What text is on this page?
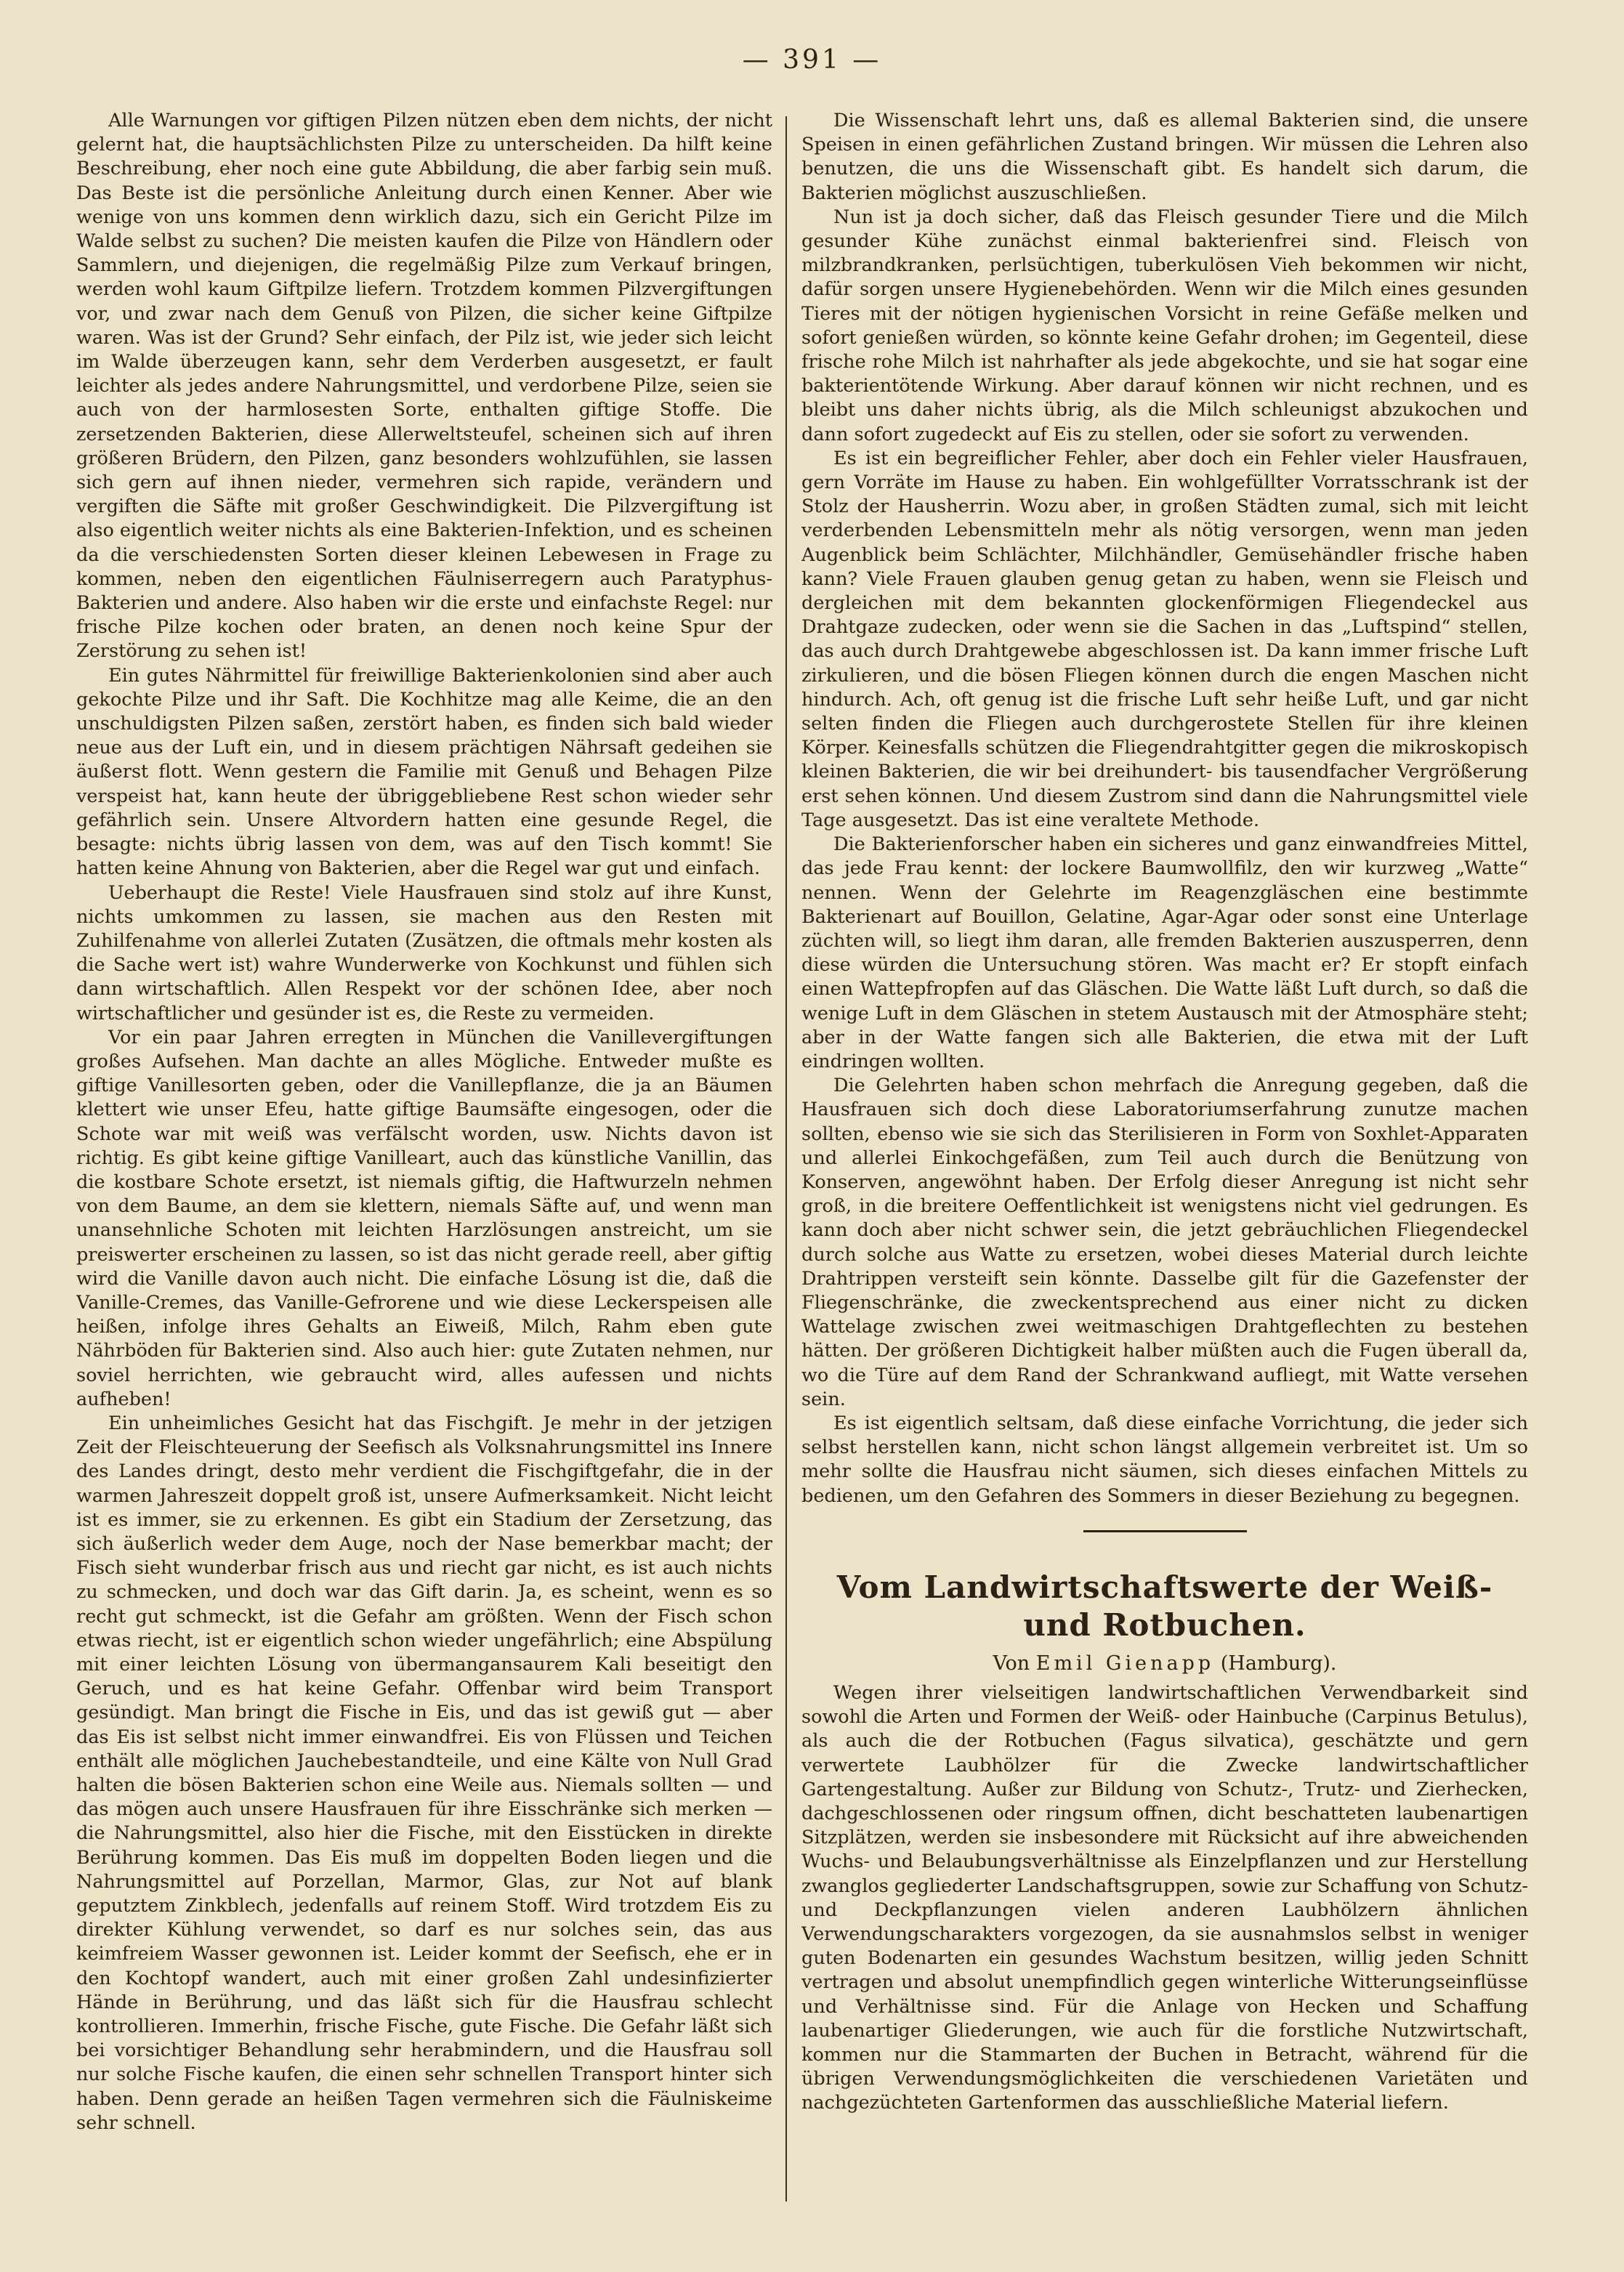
— 391 —

Alle Warnungen vor giftigen Pilzen nützen eben dem nichts, der nicht gelernt hat, die hauptsächlichsten Pilze zu unterscheiden. Da hilft keine Beschreibung, eher noch eine gute Abbildung, die aber farbig sein muß. Das Beste ist die persönliche Anleitung durch einen Kenner. Aber wie wenige von uns kommen denn wirklich dazu, sich ein Gericht Pilze im Walde selbst zu suchen? Die meisten kaufen die Pilze von Händlern oder Sammlern, und diejenigen, die regelmäßig Pilze zum Verkauf bringen, werden wohl kaum Giftpilze liefern. Trotzdem kommen Pilzvergiftungen vor, und zwar nach dem Genuß von Pilzen, die sicher keine Giftpilze waren. Was ist der Grund? Sehr einfach, der Pilz ist, wie jeder sich leicht im Walde überzeugen kann, sehr dem Verderben ausgesetzt, er fault leichter als jedes andere Nahrungsmittel, und verdorbene Pilze, seien sie auch von der harmlosesten Sorte, enthalten giftige Stoffe. Die zersetzenden Bakterien, diese Allerweltsteufel, scheinen sich auf ihren größeren Brüdern, den Pilzen, ganz besonders wohlzufühlen, sie lassen sich gern auf ihnen nieder, vermehren sich rapide, verändern und vergiften die Säfte mit großer Geschwindigkeit. Die Pilzvergiftung ist also eigentlich weiter nichts als eine Bakterien-Infektion, und es scheinen da die verschiedensten Sorten dieser kleinen Lebewesen in Frage zu kommen, neben den eigentlichen Fäulniserregern auch Paratyphus-Bakterien und andere. Also haben wir die erste und einfachste Regel: nur frische Pilze kochen oder braten, an denen noch keine Spur der Zerstörung zu sehen ist!

Ein gutes Nährmittel für freiwillige Bakterienkolonien sind aber auch gekochte Pilze und ihr Saft. Die Kochhitze mag alle Keime, die an den unschuldigsten Pilzen saßen, zerstört haben, es finden sich bald wieder neue aus der Luft ein, und in diesem prächtigen Nährsaft gedeihen sie äußerst flott. Wenn gestern die Familie mit Genuß und Behagen Pilze verspeist hat, kann heute der übriggebliebene Rest schon wieder sehr gefährlich sein. Unsere Altvordern hatten eine gesunde Regel, die besagte: nichts übrig lassen von dem, was auf den Tisch kommt! Sie hatten keine Ahnung von Bakterien, aber die Regel war gut und einfach.

Ueberhaupt die Reste! Viele Hausfrauen sind stolz auf ihre Kunst, nichts umkommen zu lassen, sie machen aus den Resten mit Zuhilfenahme von allerlei Zutaten (Zusätzen, die oftmals mehr kosten als die Sache wert ist) wahre Wunderwerke von Kochkunst und fühlen sich dann wirtschaftlich. Allen Respekt vor der schönen Idee, aber noch wirtschaftlicher und gesünder ist es, die Reste zu vermeiden.

Vor ein paar Jahren erregten in München die Vanillevergiftungen großes Aufsehen. Man dachte an alles Mögliche. Entweder mußte es giftige Vanillesorten geben, oder die Vanillepflanze, die ja an Bäumen klettert wie unser Efeu, hatte giftige Baumsäfte eingesogen, oder die Schote war mit weiß was verfälscht worden, usw. Nichts davon ist richtig. Es gibt keine giftige Vanilleart, auch das künstliche Vanillin, das die kostbare Schote ersetzt, ist niemals giftig, die Haftwurzeln nehmen von dem Baume, an dem sie klettern, niemals Säfte auf, und wenn man unansehnliche Schoten mit leichten Harzlösungen anstreicht, um sie preiswerter erscheinen zu lassen, so ist das nicht gerade reell, aber giftig wird die Vanille davon auch nicht. Die einfache Lösung ist die, daß die Vanille-Cremes, das Vanille-Gefrorene und wie diese Leckerspeisen alle heißen, infolge ihres Gehalts an Eiweiß, Milch, Rahm eben gute Nährböden für Bakterien sind. Also auch hier: gute Zutaten nehmen, nur soviel herrichten, wie gebraucht wird, alles aufessen und nichts aufheben!

Ein unheimliches Gesicht hat das Fischgift. Je mehr in der jetzigen Zeit der Fleischteuerung der Seefisch als Volksnahrungsmittel ins Innere des Landes dringt, desto mehr verdient die Fischgiftgefahr, die in der warmen Jahreszeit doppelt groß ist, unsere Aufmerksamkeit. Nicht leicht ist es immer, sie zu erkennen. Es gibt ein Stadium der Zersetzung, das sich äußerlich weder dem Auge, noch der Nase bemerkbar macht; der Fisch sieht wunderbar frisch aus und riecht gar nicht, es ist auch nichts zu schmecken, und doch war das Gift darin. Ja, es scheint, wenn es so recht gut schmeckt, ist die Gefahr am größten. Wenn der Fisch schon etwas riecht, ist er eigentlich schon wieder ungefährlich; eine Abspülung mit einer leichten Lösung von übermangansaurem Kali beseitigt den Geruch, und es hat keine Gefahr. Offenbar wird beim Transport gesündigt. Man bringt die Fische in Eis, und das ist gewiß gut — aber das Eis ist selbst nicht immer einwandfrei. Eis von Flüssen und Teichen enthält alle möglichen Jauchebestandteile, und eine Kälte von Null Grad halten die bösen Bakterien schon eine Weile aus. Niemals sollten — und das mögen auch unsere Hausfrauen für ihre Eisschränke sich merken — die Nahrungsmittel, also hier die Fische, mit den Eisstücken in direkte Berührung kommen. Das Eis muß im doppelten Boden liegen und die Nahrungsmittel auf Porzellan, Marmor, Glas, zur Not auf blank geputztem Zinkblech, jedenfalls auf reinem Stoff. Wird trotzdem Eis zu direkter Kühlung verwendet, so darf es nur solches sein, das aus keimfreiem Wasser gewonnen ist. Leider kommt der Seefisch, ehe er in den Kochtopf wandert, auch mit einer großen Zahl undesinfizierter Hände in Berührung, und das läßt sich für die Hausfrau schlecht kontrollieren. Immerhin, frische Fische, gute Fische. Die Gefahr läßt sich bei vorsichtiger Behandlung sehr herabmindern, und die Hausfrau soll nur solche Fische kaufen, die einen sehr schnellen Transport hinter sich haben. Denn gerade an heißen Tagen vermehren sich die Fäulniskeime sehr schnell.

Die Wissenschaft lehrt uns, daß es allemal Bakterien sind, die unsere Speisen in einen gefährlichen Zustand bringen. Wir müssen die Lehren also benutzen, die uns die Wissenschaft gibt. Es handelt sich darum, die Bakterien möglichst auszuschließen.

Nun ist ja doch sicher, daß das Fleisch gesunder Tiere und die Milch gesunder Kühe zunächst einmal bakterienfrei sind. Fleisch von milzbrandkranken, perlsüchtigen, tuberkulösen Vieh bekommen wir nicht, dafür sorgen unsere Hygienebehörden. Wenn wir die Milch eines gesunden Tieres mit der nötigen hygienischen Vorsicht in reine Gefäße melken und sofort genießen würden, so könnte keine Gefahr drohen; im Gegenteil, diese frische rohe Milch ist nahrhafter als jede abgekochte, und sie hat sogar eine bakterientötende Wirkung. Aber darauf können wir nicht rechnen, und es bleibt uns daher nichts übrig, als die Milch schleunigst abzukochen und dann sofort zugedeckt auf Eis zu stellen, oder sie sofort zu verwenden.

Es ist ein begreiflicher Fehler, aber doch ein Fehler vieler Hausfrauen, gern Vorräte im Hause zu haben. Ein wohlgefüllter Vorratsschrank ist der Stolz der Hausherrin. Wozu aber, in großen Städten zumal, sich mit leicht verderbenden Lebensmitteln mehr als nötig versorgen, wenn man jeden Augenblick beim Schlächter, Milchhändler, Gemüsehändler frische haben kann? Viele Frauen glauben genug getan zu haben, wenn sie Fleisch und dergleichen mit dem bekannten glockenförmigen Fliegendeckel aus Drahtgaze zudecken, oder wenn sie die Sachen in das „Luftspind“ stellen, das auch durch Drahtgewebe abgeschlossen ist. Da kann immer frische Luft zirkulieren, und die bösen Fliegen können durch die engen Maschen nicht hindurch. Ach, oft genug ist die frische Luft sehr heiße Luft, und gar nicht selten finden die Fliegen auch durchgerostete Stellen für ihre kleinen Körper. Keinesfalls schützen die Fliegendrahtgitter gegen die mikroskopisch kleinen Bakterien, die wir bei dreihundert- bis tausendfacher Vergrößerung erst sehen können. Und diesem Zustrom sind dann die Nahrungsmittel viele Tage ausgesetzt. Das ist eine veraltete Methode.

Die Bakterienforscher haben ein sicheres und ganz einwandfreies Mittel, das jede Frau kennt: der lockere Baumwollfilz, den wir kurzweg „Watte“ nennen. Wenn der Gelehrte im Reagenzgläschen eine bestimmte Bakterienart auf Bouillon, Gelatine, Agar-Agar oder sonst eine Unterlage züchten will, so liegt ihm daran, alle fremden Bakterien auszusperren, denn diese würden die Untersuchung stören. Was macht er? Er stopft einfach einen Wattepfropfen auf das Gläschen. Die Watte läßt Luft durch, so daß die wenige Luft in dem Gläschen in stetem Austausch mit der Atmosphäre steht; aber in der Watte fangen sich alle Bakterien, die etwa mit der Luft eindringen wollten.

Die Gelehrten haben schon mehrfach die Anregung gegeben, daß die Hausfrauen sich doch diese Laboratoriumserfahrung zunutze machen sollten, ebenso wie sie sich das Sterilisieren in Form von Soxhlet-Apparaten und allerlei Einkochgefäßen, zum Teil auch durch die Benützung von Konserven, angewöhnt haben. Der Erfolg dieser Anregung ist nicht sehr groß, in die breitere Oeffentlichkeit ist wenigstens nicht viel gedrungen. Es kann doch aber nicht schwer sein, die jetzt gebräuchlichen Fliegendeckel durch solche aus Watte zu ersetzen, wobei dieses Material durch leichte Drahtrippen versteift sein könnte. Dasselbe gilt für die Gazefenster der Fliegenschränke, die zweckentsprechend aus einer nicht zu dicken Wattelage zwischen zwei weitmaschigen Drahtgeflechten zu bestehen hätten. Der größeren Dichtigkeit halber müßten auch die Fugen überall da, wo die Türe auf dem Rand der Schrankwand aufliegt, mit Watte versehen sein.

Es ist eigentlich seltsam, daß diese einfache Vorrichtung, die jeder sich selbst herstellen kann, nicht schon längst allgemein verbreitet ist. Um so mehr sollte die Hausfrau nicht säumen, sich dieses einfachen Mittels zu bedienen, um den Gefahren des Sommers in dieser Beziehung zu begegnen.

Vom Landwirtschaftswerte der Weiß- und Rotbuchen.
Von Emil Gienapp (Hamburg).

Wegen ihrer vielseitigen landwirtschaftlichen Verwendbarkeit sind sowohl die Arten und Formen der Weiß- oder Hainbuche (Carpinus Betulus), als auch die der Rotbuchen (Fagus silvatica), geschätzte und gern verwertete Laubhölzer für die Zwecke landwirtschaftlicher Gartengestaltung. Außer zur Bildung von Schutz-, Trutz- und Zierhecken, dachgeschlossenen oder ringsum offnen, dicht beschatteten laubenartigen Sitzplätzen, werden sie insbesondere mit Rücksicht auf ihre abweichenden Wuchs- und Belaubungsverhältnisse als Einzelpflanzen und zur Herstellung zwanglos gegliederter Landschaftsgruppen, sowie zur Schaffung von Schutz- und Deckpflanzungen vielen anderen Laubhölzern ähnlichen Verwendungscharakters vorgezogen, da sie ausnahmslos selbst in weniger guten Bodenarten ein gesundes Wachstum besitzen, willig jeden Schnitt vertragen und absolut unempfindlich gegen winterliche Witterungseinflüsse und Verhältnisse sind. Für die Anlage von Hecken und Schaffung laubenartiger Gliederungen, wie auch für die forstliche Nutzwirtschaft, kommen nur die Stammarten der Buchen in Betracht, während für die übrigen Verwendungsmöglichkeiten die verschiedenen Varietäten und nachgezüchteten Gartenformen das ausschließliche Material liefern.
